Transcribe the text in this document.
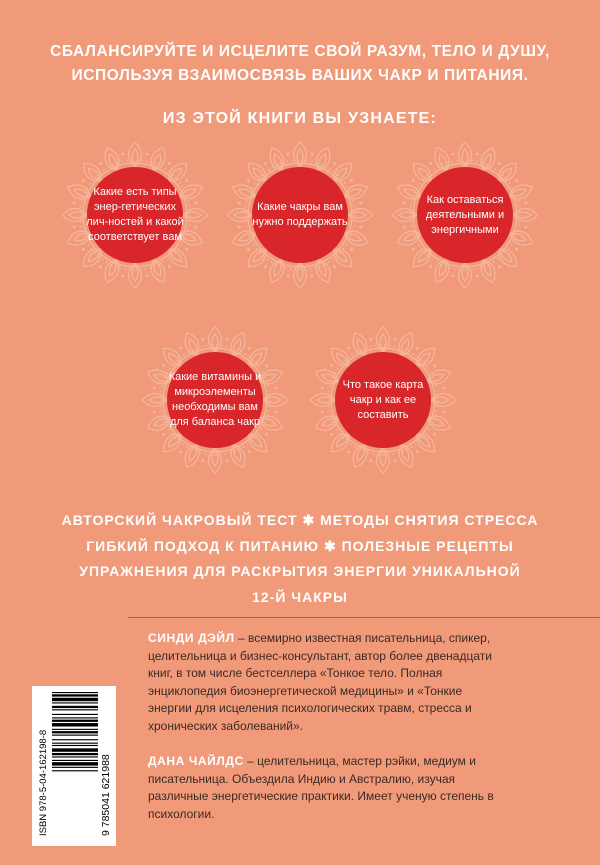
СБАЛАНСИРУЙТЕ И ИСЦЕЛИТЕ СВОЙ РАЗУМ, ТЕЛО И ДУШУ,
ИСПОЛЬЗУЯ ВЗАИМОСВЯЗЬ ВАШИХ ЧАКР И ПИТАНИЯ.
ИЗ ЭТОЙ КНИГИ ВЫ УЗНАЕТЕ:
Какие есть типы энер-гетических лич-ностей и какой соответствует вам
Какие чакры вам нужно поддержать
Как оставаться деятельными и энергичными
Какие витамины и микроэлементы необходимы вам для баланса чакр
Что такое карта чакр и как ее составить
АВТОРСКИЙ ЧАКРОВЫЙ ТЕСТ ✱ МЕТОДЫ СНЯТИЯ СТРЕССА
ГИБКИЙ ПОДХОД К ПИТАНИЮ ✱ ПОЛЕЗНЫЕ РЕЦЕПТЫ
УПРАЖНЕНИЯ ДЛЯ РАСКРЫТИЯ ЭНЕРГИИ УНИКАЛЬНОЙ
12-Й ЧАКРЫ
СИНДИ ДЭЙЛ – всемирно известная писательница, спикер, целительница и бизнес-консультант, автор более двенадцати книг, в том числе бестселлера «Тонкое тело. Полная энциклопедия биоэнергетической медицины» и «Тонкие энергии для исцеления психологических травм, стресса и хронических заболеваний».
ДАНА ЧАЙЛДС – целительница, мастер рэйки, медиум и писательница. Объездила Индию и Австралию, изучая различные энергетические практики. Имеет ученую степень в психологии.
ISBN 978-5-04-162198-8	9 785041 621988
